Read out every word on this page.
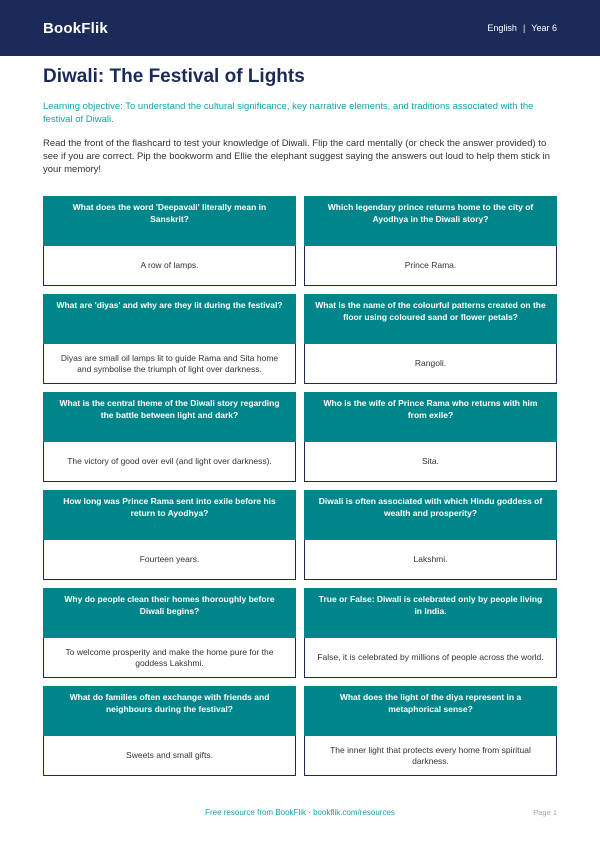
BookFlik	English | Year 6
Diwali: The Festival of Lights

Learning objective: To understand the cultural significance, key narrative elements, and traditions associated with the festival of Diwali.

Read the front of the flashcard to test your knowledge of Diwali. Flip the card mentally (or check the answer provided) to see if you are correct. Pip the bookworm and Ellie the elephant suggest saying the answers out loud to help them stick in your memory!

What does the word 'Deepavali' literally mean in Sanskrit?
A row of lamps.
Which legendary prince returns home to the city of Ayodhya in the Diwali story?
Prince Rama.
What are 'diyas' and why are they lit during the festival?
Diyas are small oil lamps lit to guide Rama and Sita home and symbolise the triumph of light over darkness.
What is the name of the colourful patterns created on the floor using coloured sand or flower petals?
Rangoli.
What is the central theme of the Diwali story regarding the battle between light and dark?
The victory of good over evil (and light over darkness).
Who is the wife of Prince Rama who returns with him from exile?
Sita.
How long was Prince Rama sent into exile before his return to Ayodhya?
Fourteen years.
Diwali is often associated with which Hindu goddess of wealth and prosperity?
Lakshmi.
Why do people clean their homes thoroughly before Diwali begins?
To welcome prosperity and make the home pure for the goddess Lakshmi.
True or False: Diwali is celebrated only by people living in India.
False, it is celebrated by millions of people across the world.
What do families often exchange with friends and neighbours during the festival?
Sweets and small gifts.
What does the light of the diya represent in a metaphorical sense?
The inner light that protects every home from spiritual darkness.
Free resource from BookFlik · bookflik.com/resources	Page 1
